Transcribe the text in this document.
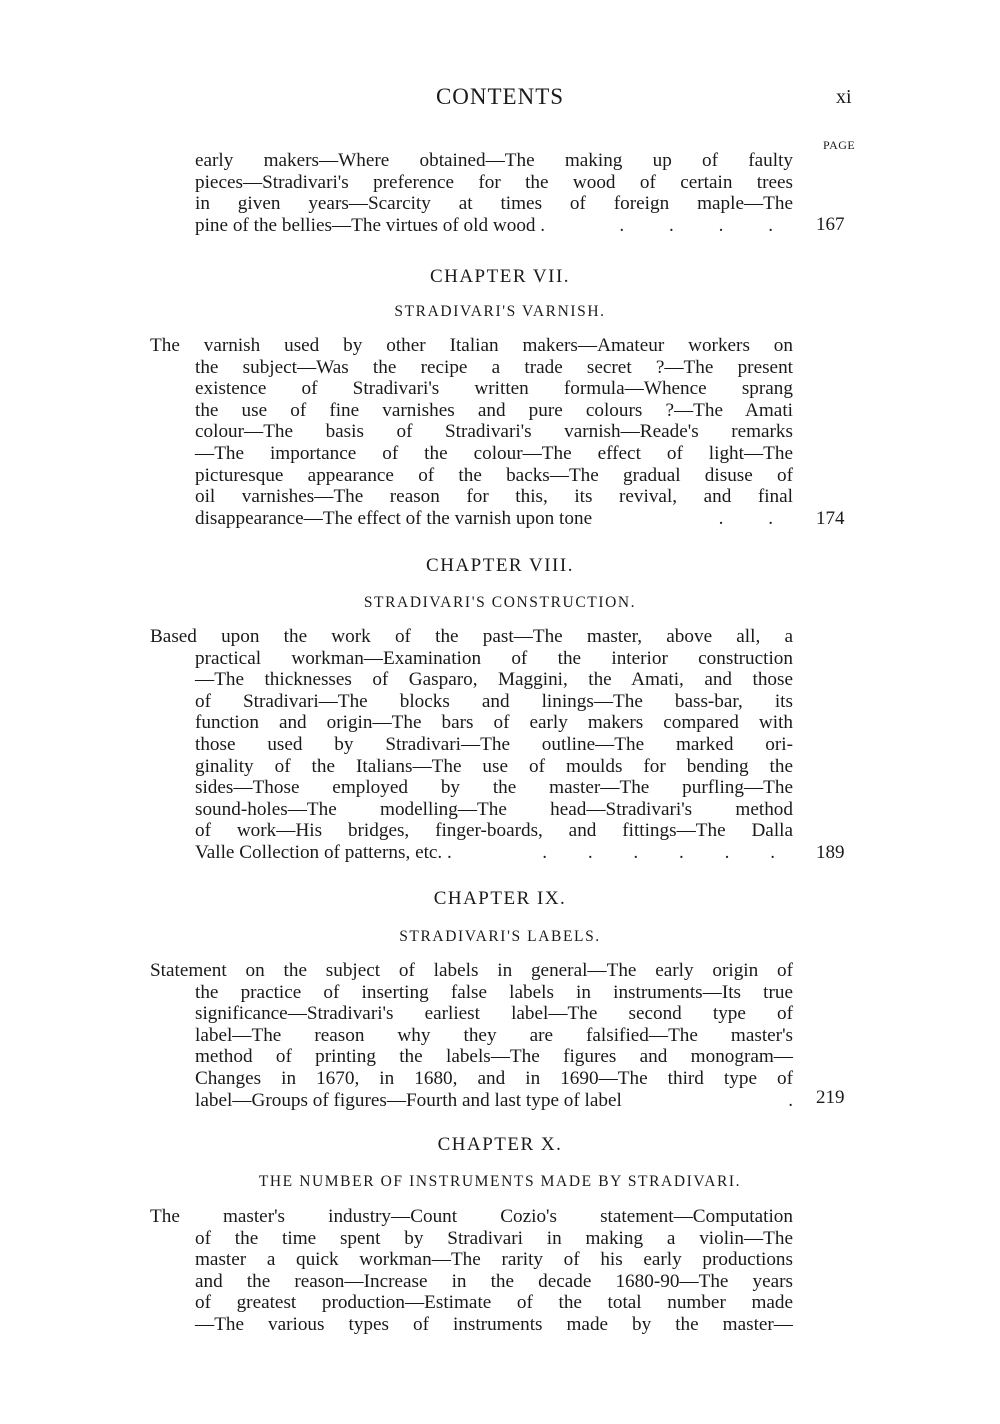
CONTENTS	xi
PAGE
early makers—Where obtained—The making up of faulty
pieces—Stradivari's preference for the wood of certain trees
in given years—Scarcity at times of foreign maple—The
pine of the bellies—The virtues of old wood .	. . . . 167
CHAPTER VII.
STRADIVARI'S VARNISH.
The varnish used by other Italian makers—Amateur workers on
the subject—Was the recipe a trade secret ?—The present
existence of Stradivari's written formula—Whence sprang
the use of fine varnishes and pure colours ?—The Amati
colour—The basis of Stradivari's varnish—Reade's remarks
—The importance of the colour—The effect of light—The
picturesque appearance of the backs—The gradual disuse of
oil varnishes—The reason for this, its revival, and final
disappearance—The effect of the varnish upon tone	. . 174
CHAPTER VIII.
STRADIVARI'S CONSTRUCTION.
Based upon the work of the past—The master, above all, a
practical workman—Examination of the interior construction
—The thicknesses of Gasparo, Maggini, the Amati, and those
of Stradivari—The blocks and linings—The bass-bar, its
function and origin—The bars of early makers compared with
those used by Stradivari—The outline—The marked ori-
ginality of the Italians—The use of moulds for bending the
sides—Those employed by the master—The purfling—The
sound-holes—The modelling—The head—Stradivari's method
of work—His bridges, finger-boards, and fittings—The Dalla
Valle Collection of patterns, etc. .	. . . . . . 189
CHAPTER IX.
STRADIVARI'S LABELS.
Statement on the subject of labels in general—The early origin of
the practice of inserting false labels in instruments—Its true
significance—Stradivari's earliest label—The second type of
label—The reason why they are falsified—The master's
method of printing the labels—The figures and monogram—
Changes in 1670, in 1680, and in 1690—The third type of
label—Groups of figures—Fourth and last type of label	. 219
CHAPTER X.
THE NUMBER OF INSTRUMENTS MADE BY STRADIVARI.
The master's industry—Count Cozio's statement—Computation
of the time spent by Stradivari in making a violin—The
master a quick workman—The rarity of his early productions
and the reason—Increase in the decade 1680-90—The years
of greatest production—Estimate of the total number made
—The various types of instruments made by the master—
